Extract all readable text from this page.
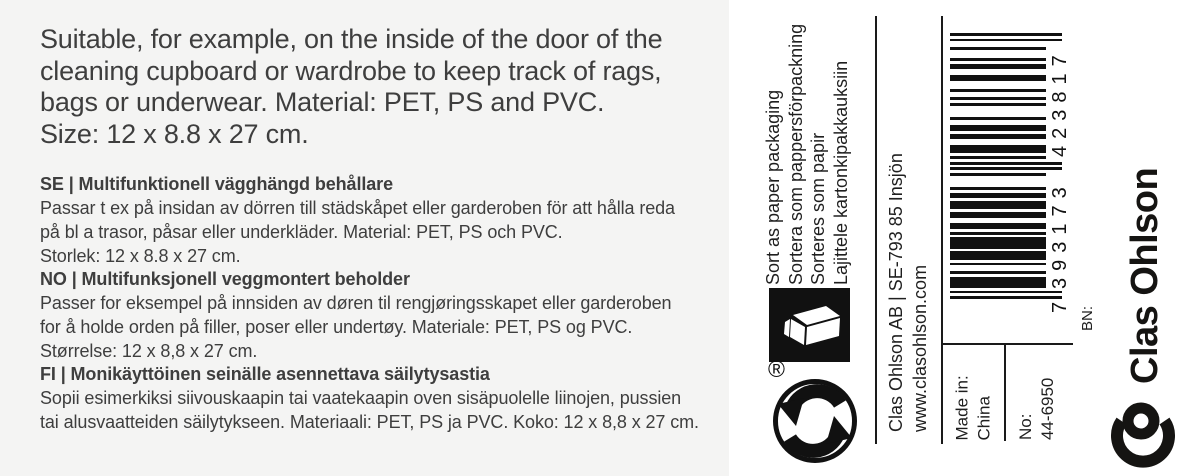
Suitable, for example, on the inside of the door of the
cleaning cupboard or wardrobe to keep track of rags,
bags or underwear. Material: PET, PS and PVC.
Size: 12 x 8.8 x 27 cm.
SE | Multifunktionell vägghängd behållare
Passar t ex på insidan av dörren till städskåpet eller garderoben för att hålla reda
på bl a trasor, påsar eller underkläder. Material: PET, PS och PVC.
Storlek: 12 x 8.8 x 27 cm.
NO | Multifunksjonell veggmontert beholder
Passer for eksempel på innsiden av døren til rengjøringsskapet eller garderoben
for å holde orden på filler, poser eller undertøy. Materiale: PET, PS og PVC.
Størrelse: 12 x 8,8 x 27 cm.
FI | Monikäyttöinen seinälle asennettava säilytysastia
Sopii esimerkiksi siivouskaapin tai vaatekaapin oven sisäpuolelle liinojen, pussien
tai alusvaatteiden säilytykseen. Materiaali: PET, PS ja PVC. Koko: 12 x 8,8 x 27 cm.
Sort as paper packaging Sortera som pappersförpackning Sorteres som papir Lajittele kartonkipakkauksiin
®	Clas Ohlson AB | SE-793 85 Insjön www.clasohlson.com	7
393173
423817
BN:
Made in: China No: 44-6950
Clas Ohlson
